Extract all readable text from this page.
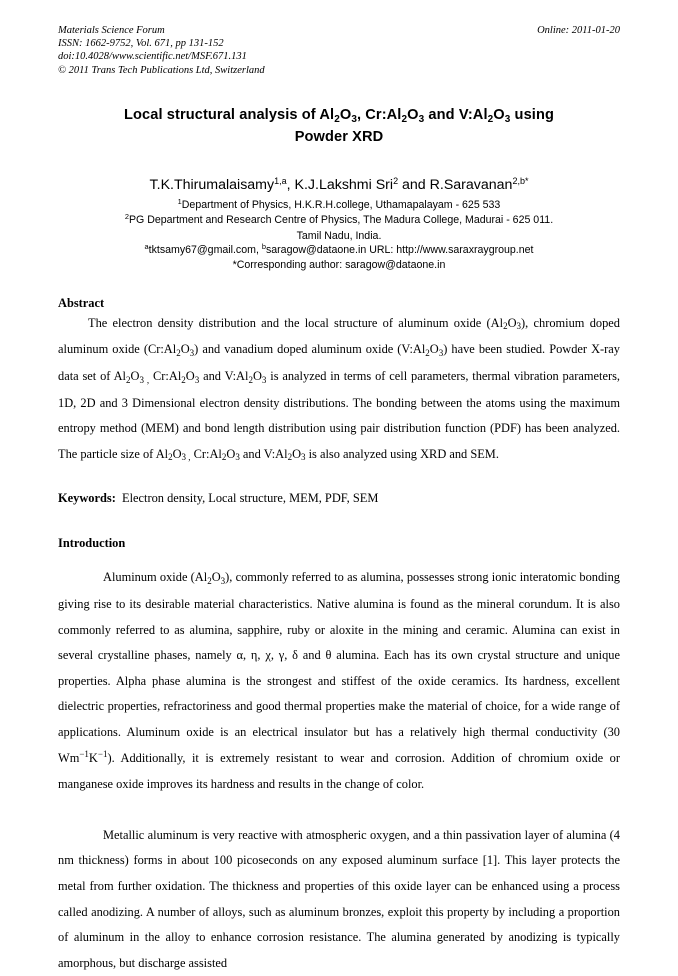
Materials Science Forum
ISSN: 1662-9752, Vol. 671, pp 131-152
doi:10.4028/www.scientific.net/MSF.671.131
© 2011 Trans Tech Publications Ltd, Switzerland
Online: 2011-01-20
Local structural analysis of $Al_2O_3$, $Cr:Al_2O_3$ and $V:Al_2O_3$ using
Powder XRD
T.K.Thirumalaisamy$^{1,a}$, K.J.Lakshmi Sri$^2$ and R.Saravanan$^{2,b*}$
$^1$Department of Physics, H.K.R.H.college, Uthamapalayam - 625 533
$^2$PG Department and Research Centre of Physics, The Madura College, Madurai - 625 011.
Tamil Nadu, India.
$^a$tktsamy67@gmail.com, $^b$saragow@dataone.in URL: http://www.saraxraygroup.net
*Corresponding author: saragow@dataone.in
Abstract
The electron density distribution and the local structure of aluminum oxide $(Al_2O_3)$, chromium doped aluminum oxide $(Cr:Al_2O_3)$ and vanadium doped aluminum oxide $(V:Al_2O_3)$ have been studied. Powder X-ray data set of $Al_2O_{3 ,}$ $Cr:Al_2O_3$ and $V:Al_2O_3$ is analyzed in terms of cell parameters, thermal vibration parameters, 1D, 2D and 3 Dimensional electron density distributions. The bonding between the atoms using the maximum entropy method (MEM) and bond length distribution using pair distribution function (PDF) has been analyzed. The particle size of $Al_2O_{3 ,}$ $Cr:Al_2O_3$ and $V:Al_2O_3$ is also analyzed using XRD and SEM.
Keywords: Electron density, Local structure, MEM, PDF, SEM
Introduction
Aluminum oxide $(Al_2O_3)$, commonly referred to as alumina, possesses strong ionic interatomic bonding giving rise to its desirable material characteristics. Native alumina is found as the mineral corundum. It is also commonly referred to as alumina, sapphire, ruby or aloxite in the mining and ceramic. Alumina can exist in several crystalline phases, namely α, η, χ, γ, δ and θ alumina. Each has its own crystal structure and unique properties. Alpha phase alumina is the strongest and stiffest of the oxide ceramics. Its hardness, excellent dielectric properties, refractoriness and good thermal properties make the material of choice, for a wide range of applications. Aluminum oxide is an electrical insulator but has a relatively high thermal conductivity (30 $Wm^{-1}K^{-1}$). Additionally, it is extremely resistant to wear and corrosion. Addition of chromium oxide or manganese oxide improves its hardness and results in the change of color.
Metallic aluminum is very reactive with atmospheric oxygen, and a thin passivation layer of alumina (4 nm thickness) forms in about 100 picoseconds on any exposed aluminum surface [1]. This layer protects the metal from further oxidation. The thickness and properties of this oxide layer can be enhanced using a process called anodizing. A number of alloys, such as aluminum bronzes, exploit this property by including a proportion of aluminum in the alloy to enhance corrosion resistance. The alumina generated by anodizing is typically amorphous, but discharge assisted
